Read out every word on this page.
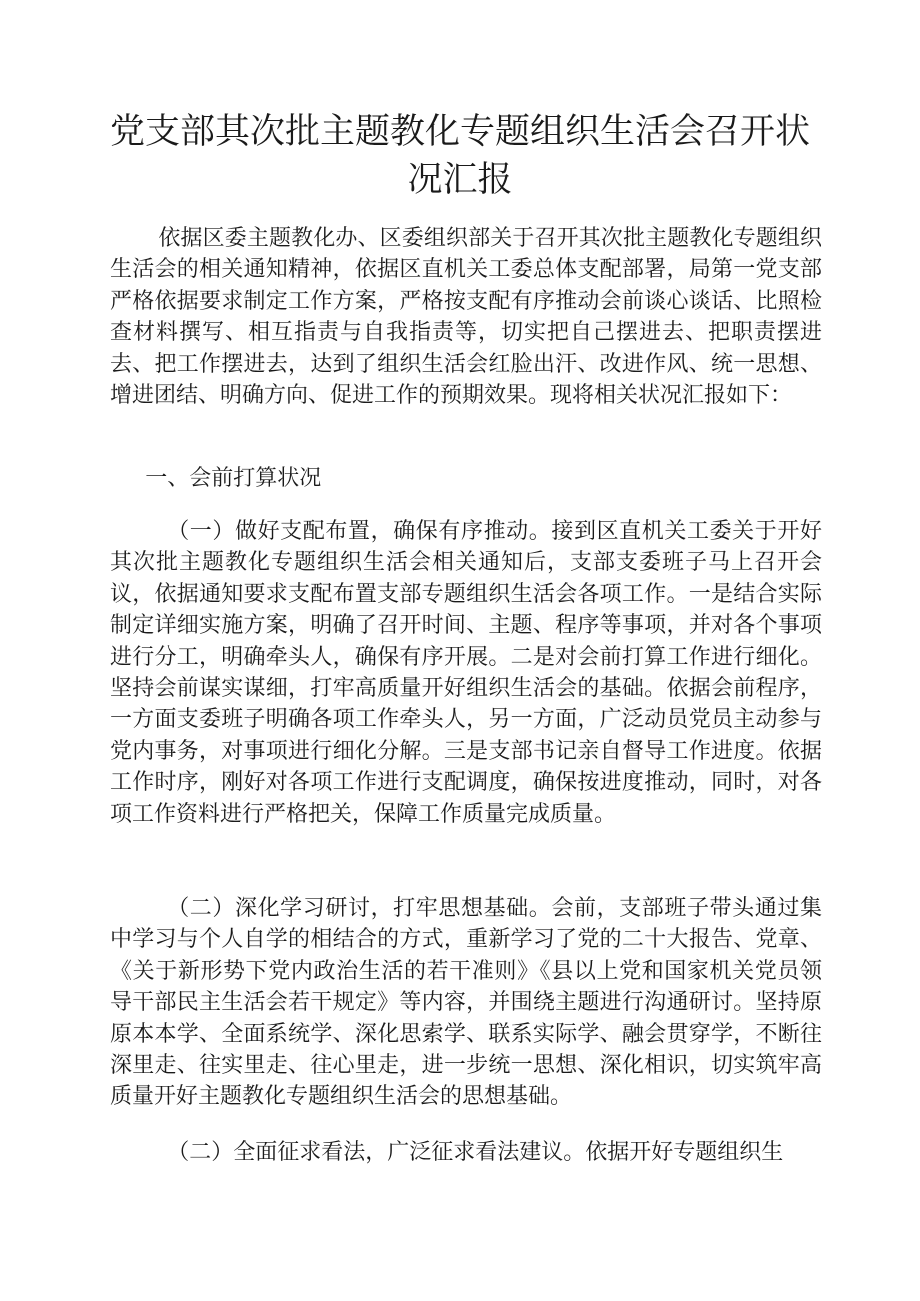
党支部其次批主题教化专题组织生活会召开状况汇报

依据区委主题教化办、区委组织部关于召开其次批主题教化专题组织生活会的相关通知精神，依据区直机关工委总体支配部署，局第一党支部严格依据要求制定工作方案，严格按支配有序推动会前谈心谈话、比照检查材料撰写、相互指责与自我指责等，切实把自己摆进去、把职责摆进去、把工作摆进去，达到了组织生活会红脸出汗、改进作风、统一思想、增进团结、明确方向、促进工作的预期效果。现将相关状况汇报如下：

一、会前打算状况

（一）做好支配布置，确保有序推动。接到区直机关工委关于开好其次批主题教化专题组织生活会相关通知后，支部支委班子马上召开会议，依据通知要求支配布置支部专题组织生活会各项工作。一是结合实际制定详细实施方案，明确了召开时间、主题、程序等事项，并对各个事项进行分工，明确牵头人，确保有序开展。二是对会前打算工作进行细化。坚持会前谋实谋细，打牢高质量开好组织生活会的基础。依据会前程序，一方面支委班子明确各项工作牵头人，另一方面，广泛动员党员主动参与党内事务，对事项进行细化分解。三是支部书记亲自督导工作进度。依据工作时序，刚好对各项工作进行支配调度，确保按进度推动，同时，对各项工作资料进行严格把关，保障工作质量完成质量。

（二）深化学习研讨，打牢思想基础。会前，支部班子带头通过集中学习与个人自学的相结合的方式，重新学习了党的二十大报告、党章、《关于新形势下党内政治生活的若干准则》《县以上党和国家机关党员领导干部民主生活会若干规定》等内容，并围绕主题进行沟通研讨。坚持原原本本学、全面系统学、深化思索学、联系实际学、融会贯穿学，不断往深里走、往实里走、往心里走，进一步统一思想、深化相识，切实筑牢高质量开好主题教化专题组织生活会的思想基础。

（二）全面征求看法，广泛征求看法建议。依据开好专题组织生
